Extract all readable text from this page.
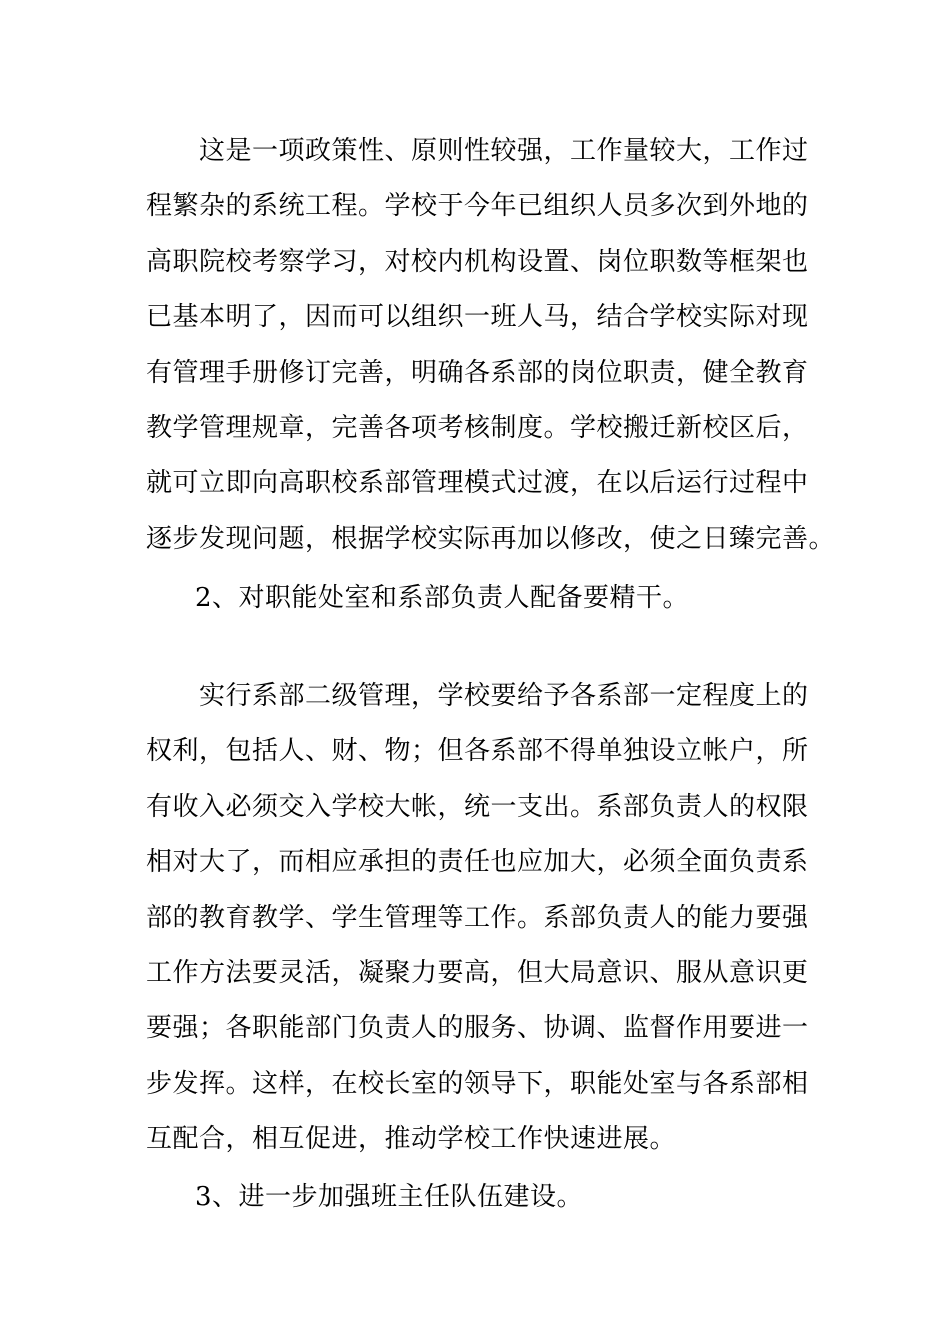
　　这是一项政策性、原则性较强，工作量较大，工作过
程繁杂的系统工程。学校于今年已组织人员多次到外地的
高职院校考察学习，对校内机构设置、岗位职数等框架也
已基本明了，因而可以组织一班人马，结合学校实际对现
有管理手册修订完善，明确各系部的岗位职责，健全教育
教学管理规章，完善各项考核制度。学校搬迁新校区后，
就可立即向高职校系部管理模式过渡，在以后运行过程中
逐步发现问题，根据学校实际再加以修改，使之日臻完善。

2、对职能处室和系部负责人配备要精干。

　　实行系部二级管理，学校要给予各系部一定程度上的
权利，包括人、财、物；但各系部不得单独设立帐户，所
有收入必须交入学校大帐，统一支出。系部负责人的权限
相对大了，而相应承担的责任也应加大，必须全面负责系
部的教育教学、学生管理等工作。系部负责人的能力要强
工作方法要灵活，凝聚力要高，但大局意识、服从意识更
要强；各职能部门负责人的服务、协调、监督作用要进一
步发挥。这样，在校长室的领导下，职能处室与各系部相
互配合，相互促进，推动学校工作快速进展。

3、进一步加强班主任队伍建设。
